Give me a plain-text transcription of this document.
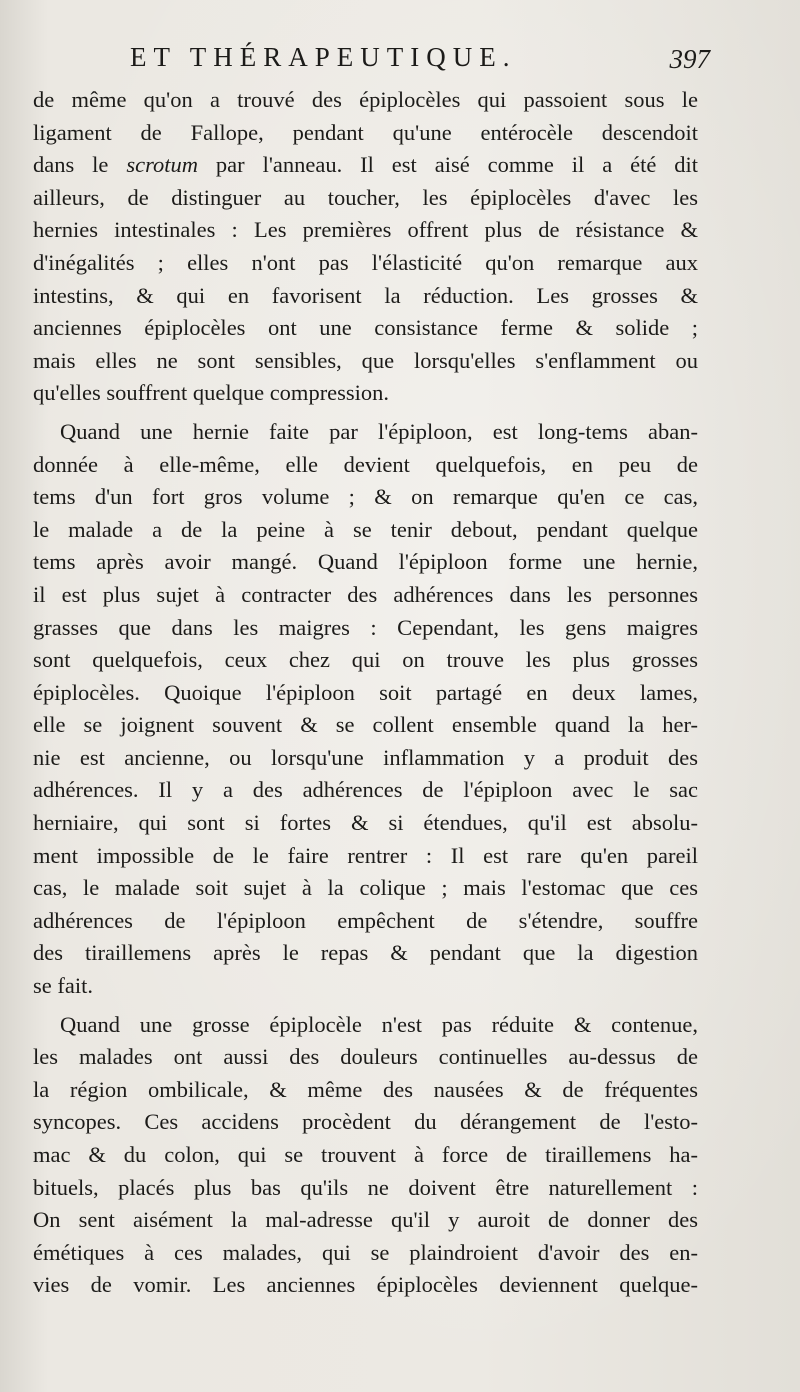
ET THÉRAPEUTIQUE.	397
de même qu'on a trouvé des épiplocèles qui passoient sous le
ligament de Fallope, pendant qu'une entérocèle descendoit
dans le scrotum par l'anneau. Il est aisé comme il a été dit
ailleurs, de distinguer au toucher, les épiplocèles d'avec les
hernies intestinales : Les premières offrent plus de résistance &
d'inégalités ; elles n'ont pas l'élasticité qu'on remarque aux
intestins, & qui en favorisent la réduction. Les grosses &
anciennes épiplocèles ont une consistance ferme & solide ;
mais elles ne sont sensibles, que lorsqu'elles s'enflamment ou
qu'elles souffrent quelque compression.
Quand une hernie faite par l'épiploon, est long-tems aban-
donnée à elle-même, elle devient quelquefois, en peu de
tems d'un fort gros volume ; & on remarque qu'en ce cas,
le malade a de la peine à se tenir debout, pendant quelque
tems après avoir mangé. Quand l'épiploon forme une hernie,
il est plus sujet à contracter des adhérences dans les personnes
grasses que dans les maigres : Cependant, les gens maigres
sont quelquefois, ceux chez qui on trouve les plus grosses
épiplocèles. Quoique l'épiploon soit partagé en deux lames,
elle se joignent souvent & se collent ensemble quand la her-
nie est ancienne, ou lorsqu'une inflammation y a produit des
adhérences. Il y a des adhérences de l'épiploon avec le sac
herniaire, qui sont si fortes & si étendues, qu'il est absolu-
ment impossible de le faire rentrer : Il est rare qu'en pareil
cas, le malade soit sujet à la colique ; mais l'estomac que ces
adhérences de l'épiploon empêchent de s'étendre, souffre
des tiraillemens après le repas & pendant que la digestion
se fait.
Quand une grosse épiplocèle n'est pas réduite & contenue,
les malades ont aussi des douleurs continuelles au-dessus de
la région ombilicale, & même des nausées & de fréquentes
syncopes. Ces accidens procèdent du dérangement de l'esto-
mac & du colon, qui se trouvent à force de tiraillemens ha-
bituels, placés plus bas qu'ils ne doivent être naturellement :
On sent aisément la mal-adresse qu'il y auroit de donner des
émétiques à ces malades, qui se plaindroient d'avoir des en-
vies de vomir. Les anciennes épiplocèles deviennent quelque-
